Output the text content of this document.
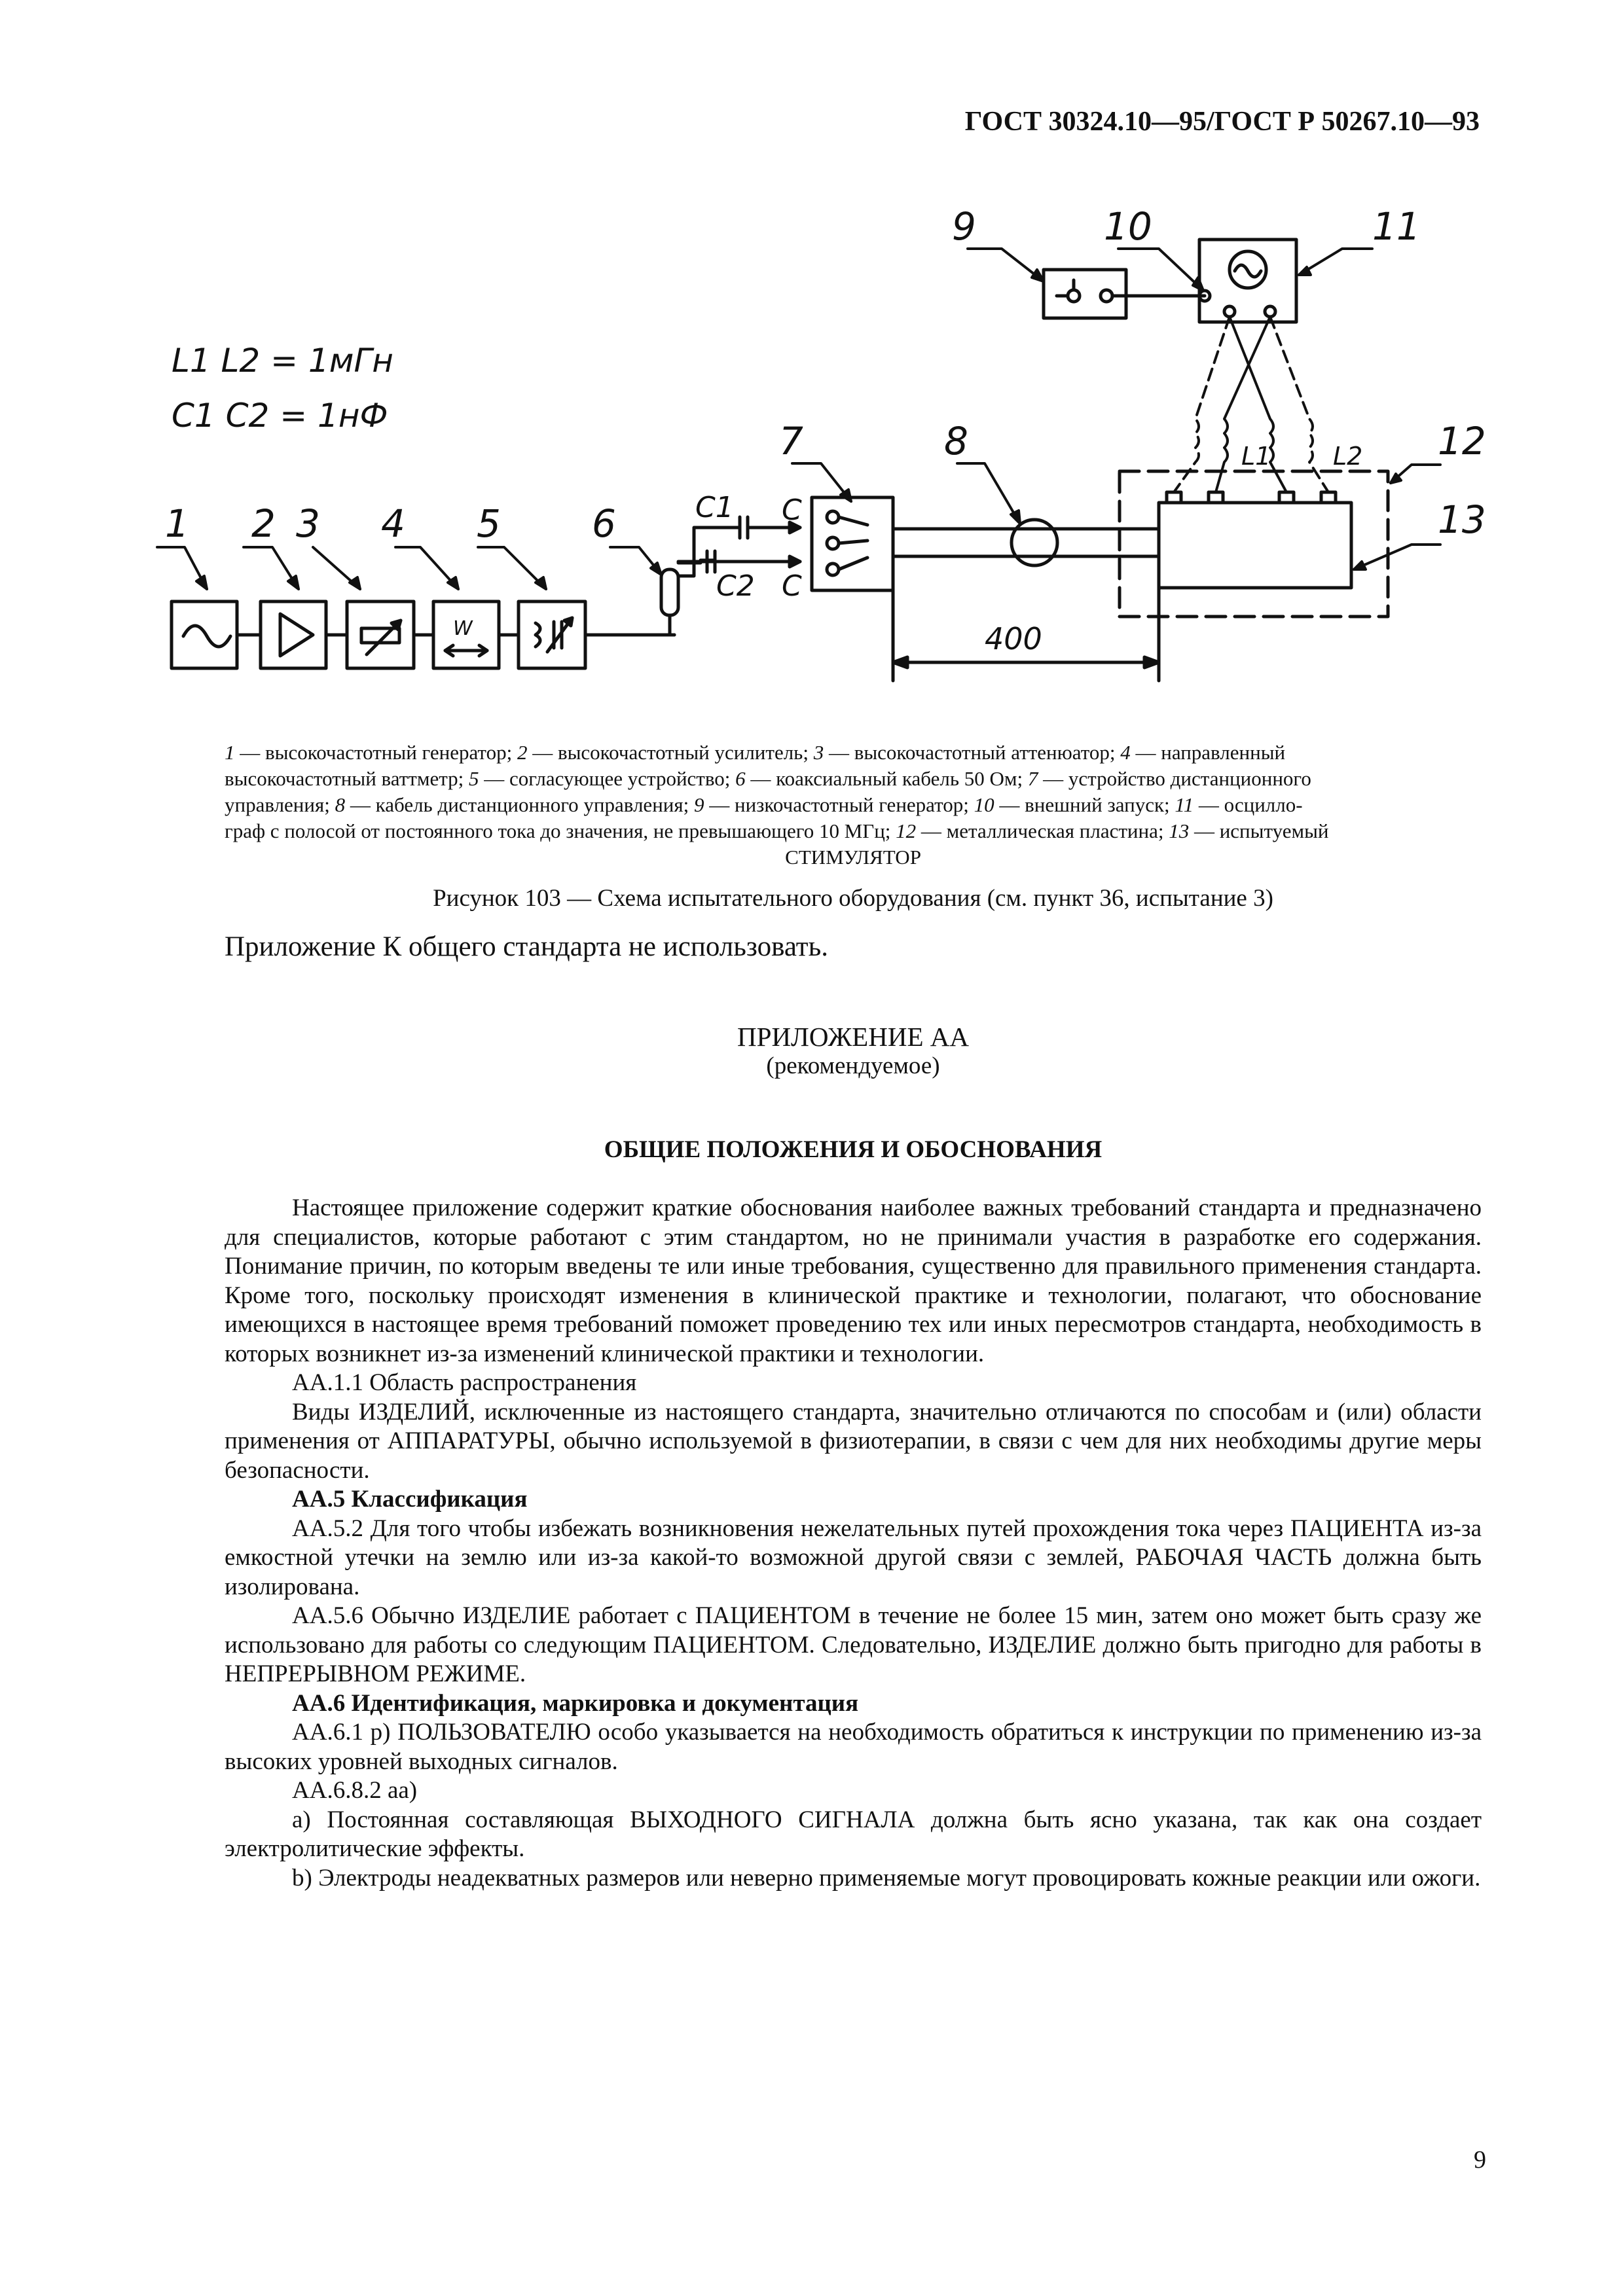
ГОСТ 30324.10—95/ГОСТ Р 50267.10—93
L1 L2 = 1мГн
C1 C2 = 1нФ
1 2 3 4 5 6
7	8
9	10	11
12
13
C1
C2
C
C
L1 L2
400
W
1 — высокочастотный генератор; 2 — высокочастотный усилитель; 3 — высокочастотный аттенюатор; 4 — направленный
высокочастотный ваттметр; 5 — согласующее устройство; 6 — коаксиальный кабель 50 Ом; 7 — устройство дистанционного
управления; 8 — кабель дистанционного управления; 9 — низкочастотный генератор; 10 — внешний запуск; 11 — осцилло-
граф с полосой от постоянного тока до значения, не превышающего 10 МГц; 12 — металлическая пластина; 13 — испытуемый
СТИМУЛЯТОР
Рисунок 103 — Схема испытательного оборудования (см. пункт 36, испытание 3)
Приложение К общего стандарта не использовать.
ПРИЛОЖЕНИЕ АА
(рекомендуемое)
ОБЩИЕ ПОЛОЖЕНИЯ И ОБОСНОВАНИЯ

Настоящее приложение содержит краткие обоснования наиболее важных требований стандарта и предназначено для специалистов, которые работают с этим стандартом, но не принимали участия в разработке его содержания. Понимание причин, по которым введены те или иные требования, существенно для правильного применения стандарта. Кроме того, поскольку происходят изменения в клинической практике и технологии, полагают, что обоснование имеющихся в настоящее время требований поможет проведению тех или иных пересмотров стандарта, необходимость в которых возникнет из-за изменений клинической практики и технологии.

АА.1.1 Область распространения

Виды ИЗДЕЛИЙ, исключенные из настоящего стандарта, значительно отличаются по способам и (или) области применения от АППАРАТУРЫ, обычно используемой в физиотерапии, в связи с чем для них необходимы другие меры безопасности.

АА.5 Классификация

АА.5.2 Для того чтобы избежать возникновения нежелательных путей прохождения тока через ПАЦИЕНТА из-за емкостной утечки на землю или из-за какой-то возможной другой связи с землей, РАБОЧАЯ ЧАСТЬ должна быть изолирована.

АА.5.6 Обычно ИЗДЕЛИЕ работает с ПАЦИЕНТОМ в течение не более 15 мин, затем оно может быть сразу же использовано для работы со следующим ПАЦИЕНТОМ. Следовательно, ИЗДЕЛИЕ должно быть пригодно для работы в НЕПРЕРЫВНОМ РЕЖИМЕ.

АА.6 Идентификация, маркировка и документация

АА.6.1 р) ПОЛЬЗОВАТЕЛЮ особо указывается на необходимость обратиться к инструкции по применению из-за высоких уровней выходных сигналов.

АА.6.8.2 аа)

а) Постоянная составляющая ВЫХОДНОГО СИГНАЛА должна быть ясно указана, так как она создает электролитические эффекты.

b) Электроды неадекватных размеров или неверно применяемые могут провоцировать кожные реакции или ожоги.

9
